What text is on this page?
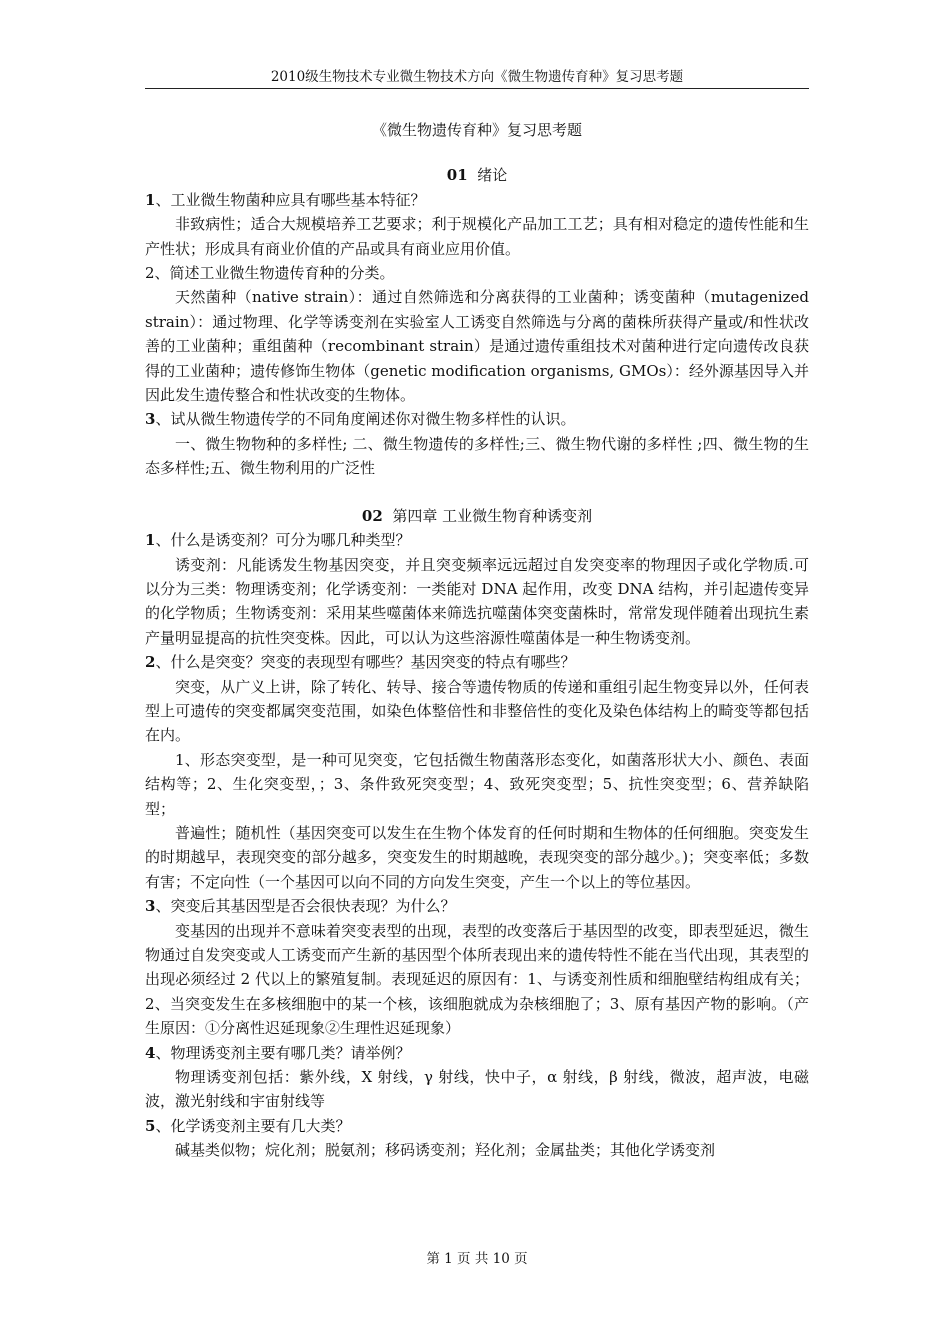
2010级生物技术专业微生物技术方向《微生物遗传育种》复习思考题

《微生物遗传育种》复习思考题

01 绪论

1、工业微生物菌种应具有哪些基本特征？

非致病性；适合大规模培养工艺要求；利于规模化产品加工工艺；具有相对稳定的遗传性能和生产性状；形成具有商业价值的产品或具有商业应用价值。

2、简述工业微生物遗传育种的分类。

天然菌种（native strain）：通过自然筛选和分离获得的工业菌种；诱变菌种（mutagenized strain）：通过物理、化学等诱变剂在实验室人工诱变自然筛选与分离的菌株所获得产量或/和性状改善的工业菌种；重组菌种（recombinant strain）是通过遗传重组技术对菌种进行定向遗传改良获得的工业菌种；遗传修饰生物体（genetic modification organisms, GMOs）：经外源基因导入并因此发生遗传整合和性状改变的生物体。

3、试从微生物遗传学的不同角度阐述你对微生物多样性的认识。

一、微生物物种的多样性; 二、微生物遗传的多样性;三、微生物代谢的多样性 ;四、微生物的生态多样性;五、微生物利用的广泛性

02 第四章 工业微生物育种诱变剂

1、什么是诱变剂？可分为哪几种类型？

诱变剂：凡能诱发生物基因突变，并且突变频率远远超过自发突变率的物理因子或化学物质.可以分为三类：物理诱变剂；化学诱变剂：一类能对 DNA 起作用，改变 DNA 结构，并引起遗传变异的化学物质；生物诱变剂：采用某些噬菌体来筛选抗噬菌体突变菌株时，常常发现伴随着出现抗生素产量明显提高的抗性突变株。因此，可以认为这些溶源性噬菌体是一种生物诱变剂。

2、什么是突变？突变的表现型有哪些？基因突变的特点有哪些？

突变，从广义上讲，除了转化、转导、接合等遗传物质的传递和重组引起生物变异以外，任何表型上可遗传的突变都属突变范围，如染色体整倍性和非整倍性的变化及染色体结构上的畸变等都包括在内。

1、形态突变型，是一种可见突变，它包括微生物菌落形态变化，如菌落形状大小、颜色、表面结构等；2、生化突变型，；3、条件致死突变型；4、致死突变型；5、抗性突变型；6、营养缺陷型；

普遍性；随机性（基因突变可以发生在生物个体发育的任何时期和生物体的任何细胞。突变发生的时期越早，表现突变的部分越多，突变发生的时期越晚，表现突变的部分越少。)；突变率低；多数有害；不定向性（一个基因可以向不同的方向发生突变，产生一个以上的等位基因。

3、突变后其基因型是否会很快表现？为什么？

变基因的出现并不意味着突变表型的出现，表型的改变落后于基因型的改变，即表型延迟，微生物通过自发突变或人工诱变而产生新的基因型个体所表现出来的遗传特性不能在当代出现，其表型的出现必须经过 2 代以上的繁殖复制。表现延迟的原因有：1、与诱变剂性质和细胞壁结构组成有关；2、当突变发生在多核细胞中的某一个核，该细胞就成为杂核细胞了；3、原有基因产物的影响。（产生原因：①分离性迟延现象②生理性迟延现象）

4、物理诱变剂主要有哪几类？请举例？

物理诱变剂包括：紫外线，X 射线，γ 射线，快中子，α 射线，β 射线，微波，超声波，电磁波，激光射线和宇宙射线等

5、化学诱变剂主要有几大类？

碱基类似物；烷化剂；脱氨剂；移码诱变剂；羟化剂；金属盐类；其他化学诱变剂

第 1 页 共 10 页
